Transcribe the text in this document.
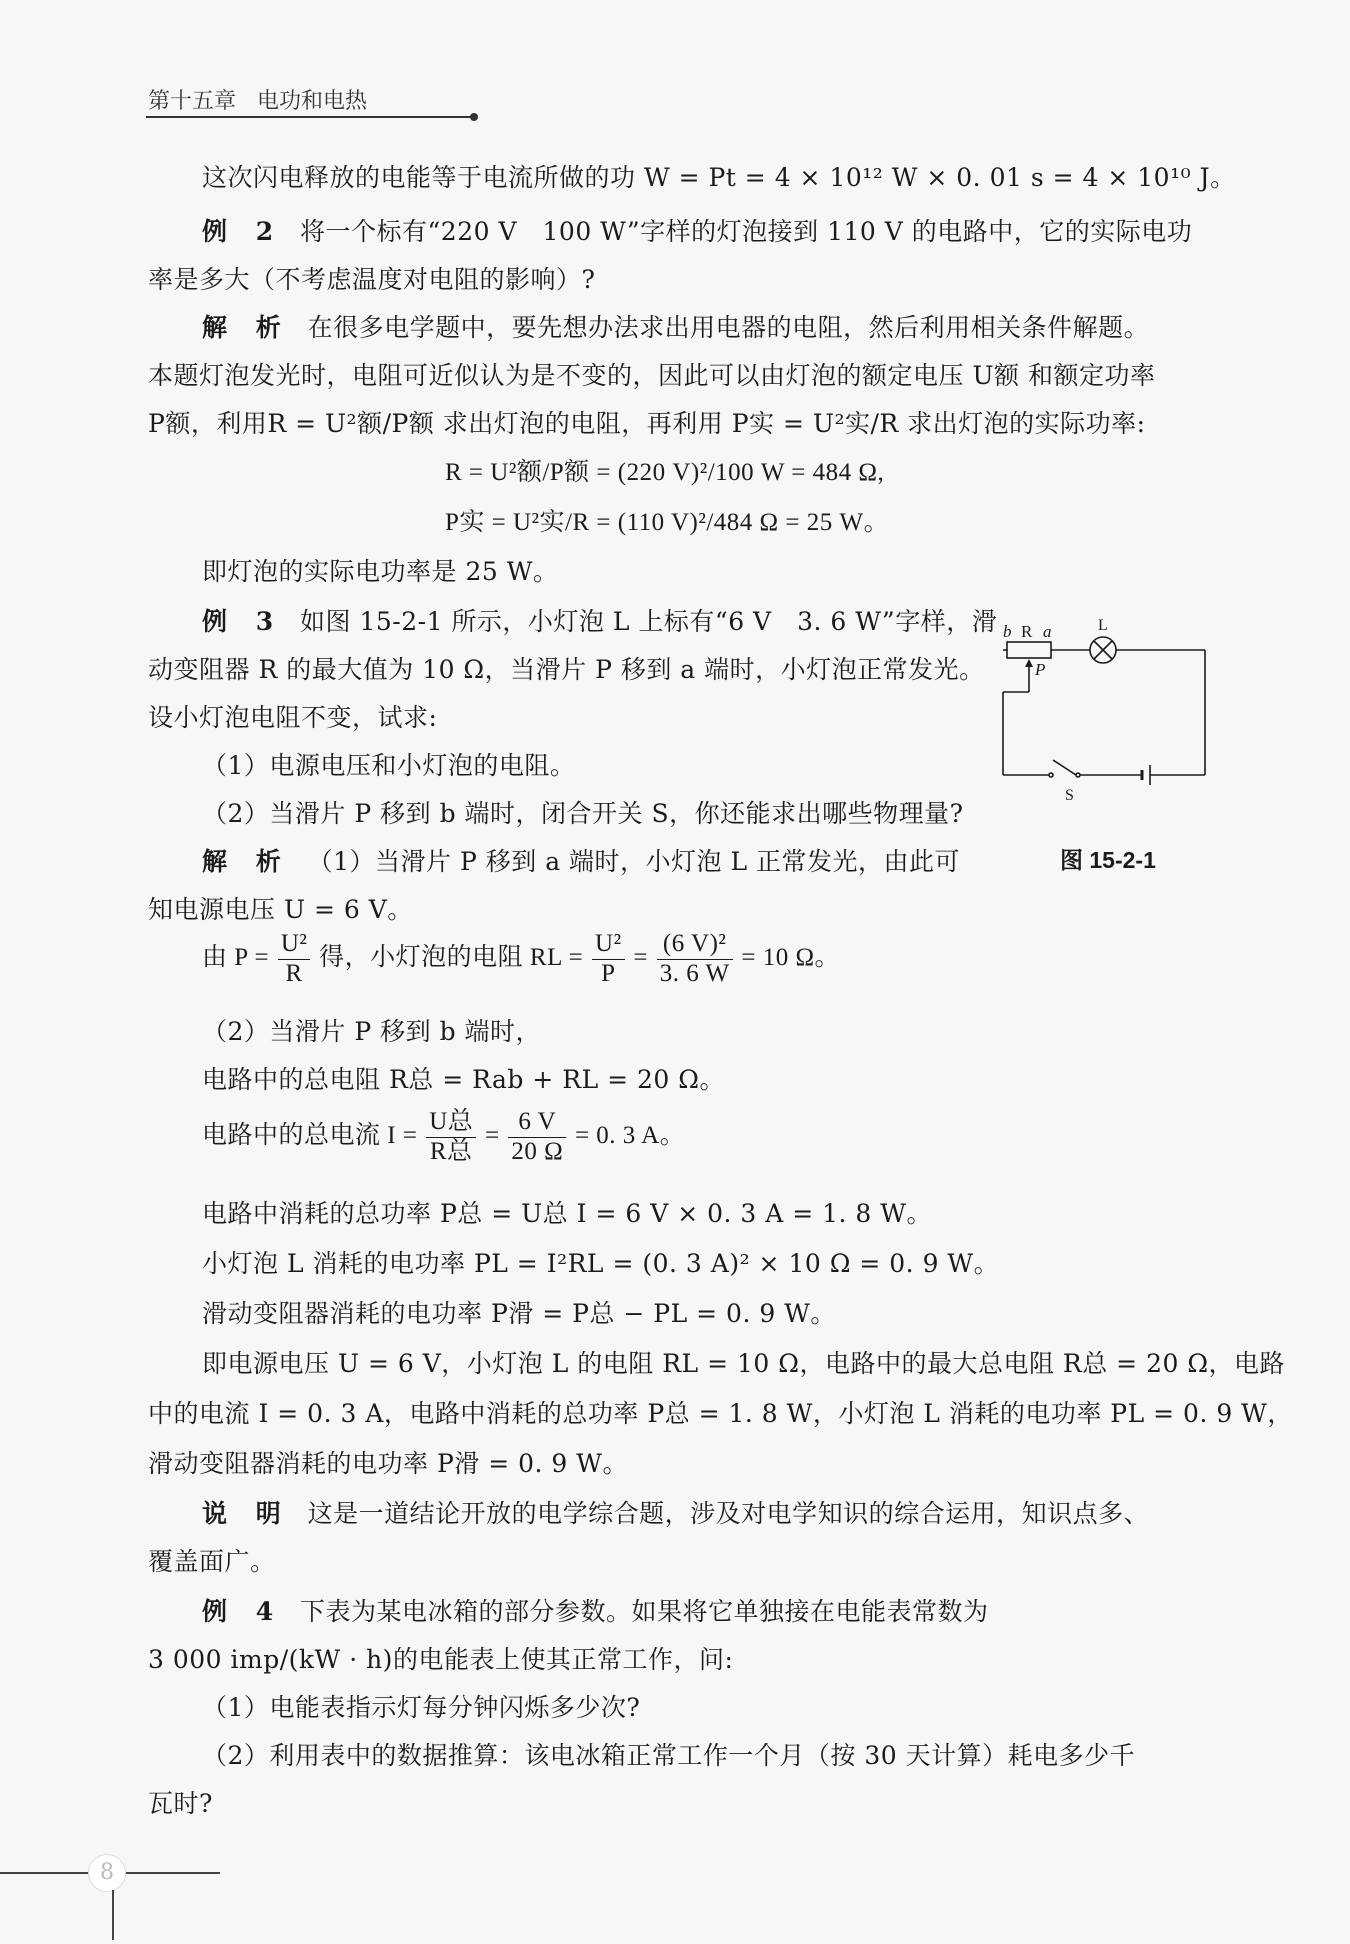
第十五章 电功和电热
这次闪电释放的电能等于电流所做的功 W = Pt = 4 × 10¹² W × 0. 01 s = 4 × 10¹⁰ J。
例 2 将一个标有“220 V　100 W”字样的灯泡接到 110 V 的电路中，它的实际电功
率是多大（不考虑温度对电阻的影响）?
解 析 在很多电学题中，要先想办法求出用电器的电阻，然后利用相关条件解题。
本题灯泡发光时，电阻可近似认为是不变的，因此可以由灯泡的额定电压 U额 和额定功率
P额，利用R = U²额/P额 求出灯泡的电阻，再利用 P实 = U²实/R 求出灯泡的实际功率:
R = U²额/P额 = (220 V)²/100 W = 484 Ω,
P实 = U²实/R = (110 V)²/484 Ω = 25 W。
即灯泡的实际电功率是 25 W。
例 3 如图 15-2-1 所示，小灯泡 L 上标有“6 V　3. 6 W”字样，滑
动变阻器 R 的最大值为 10 Ω，当滑片 P 移到 a 端时，小灯泡正常发光。
设小灯泡电阻不变，试求:
（1）电源电压和小灯泡的电阻。
（2）当滑片 P 移到 b 端时，闭合开关 S，你还能求出哪些物理量?
解 析 （1）当滑片 P 移到 a 端时，小灯泡 L 正常发光，由此可
知电源电压 U = 6 V。
由 $P = \frac{\text{U²}}{R}$ 得，小灯泡的电阻 RL = $\frac{\text{U²}}{P} = \frac{\text{(6 V)²}}{3. 6 W} = 10$ Ω。
（2）当滑片 P 移到 b 端时，
电路中的总电阻 R总 = Rab + RL = 20 Ω。
电路中的总电流 $I = \frac{\text{U总}}{\text{R总}} = \frac{6 V}{20 \Omega} = 0$. 3 A。
电路中消耗的总功率 P总 = U总 I = 6 V × 0. 3 A = 1. 8 W。
小灯泡 L 消耗的电功率 PL = I²RL = (0. 3 A)² × 10 Ω = 0. 9 W。
滑动变阻器消耗的电功率 P滑 = P总 − PL = 0. 9 W。
即电源电压 U = 6 V，小灯泡 L 的电阻 RL = 10 Ω，电路中的最大总电阻 R总 = 20 Ω，电路
中的电流 I = 0. 3 A，电路中消耗的总功率 P总 = 1. 8 W，小灯泡 L 消耗的电功率 PL = 0. 9 W，
滑动变阻器消耗的电功率 P滑 = 0. 9 W。
说 明 这是一道结论开放的电学综合题，涉及对电学知识的综合运用，知识点多、
覆盖面广。
例 4 下表为某电冰箱的部分参数。如果将它单独接在电能表常数为
3 000 imp/(kW · h)的电能表上使其正常工作，问:
（1）电能表指示灯每分钟闪烁多少次?
（2）利用表中的数据推算：该电冰箱正常工作一个月（按 30 天计算）耗电多少千
瓦时?
b R a
P
L
S
图 15-2-1
8
